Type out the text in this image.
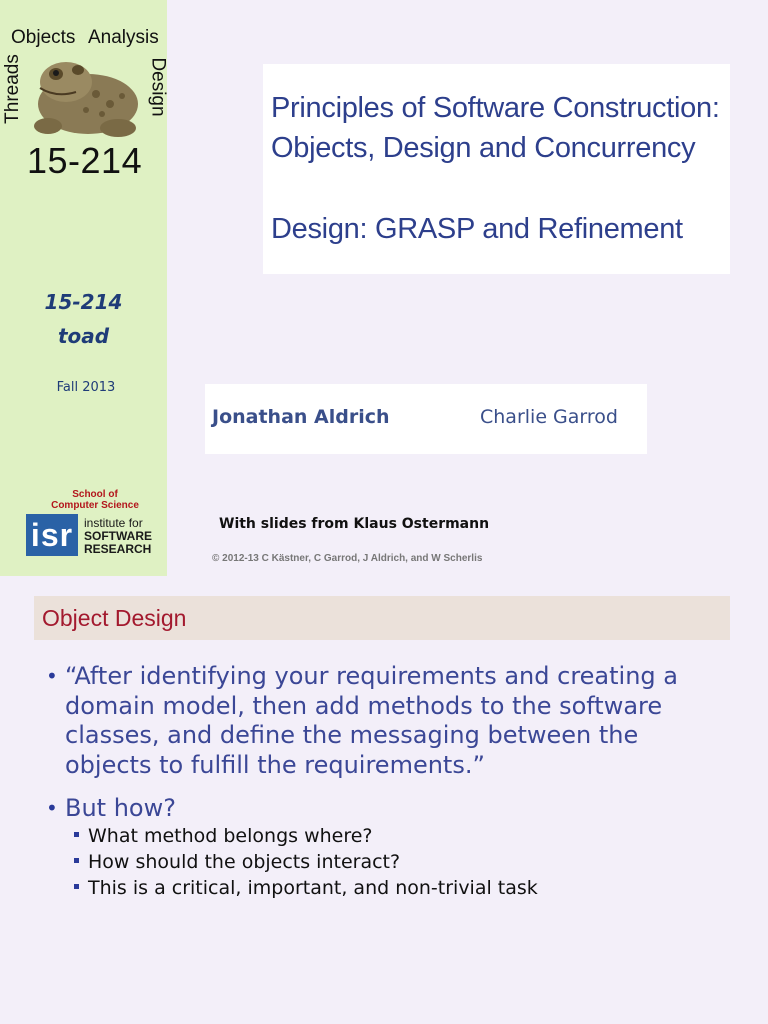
Objects Analysis
Threads	Design
15-214
15-214
toad
Fall 2013
School of
Computer Science
isr institute for
SOFTWARE
RESEARCH
Principles of Software Construction:
Objects, Design and Concurrency
Design: GRASP and Refinement
Jonathan Aldrich	Charlie Garrod
With slides from Klaus Ostermann
© 2012-13 C Kästner, C Garrod, J Aldrich, and W Scherlis
Object Design
• “After identifying your requirements and creating a domain model, then add methods to the software classes, and define the messaging between the objects to fulfill the requirements.”
• But how?
What method belongs where?
How should the objects interact?
This is a critical, important, and non-trivial task
